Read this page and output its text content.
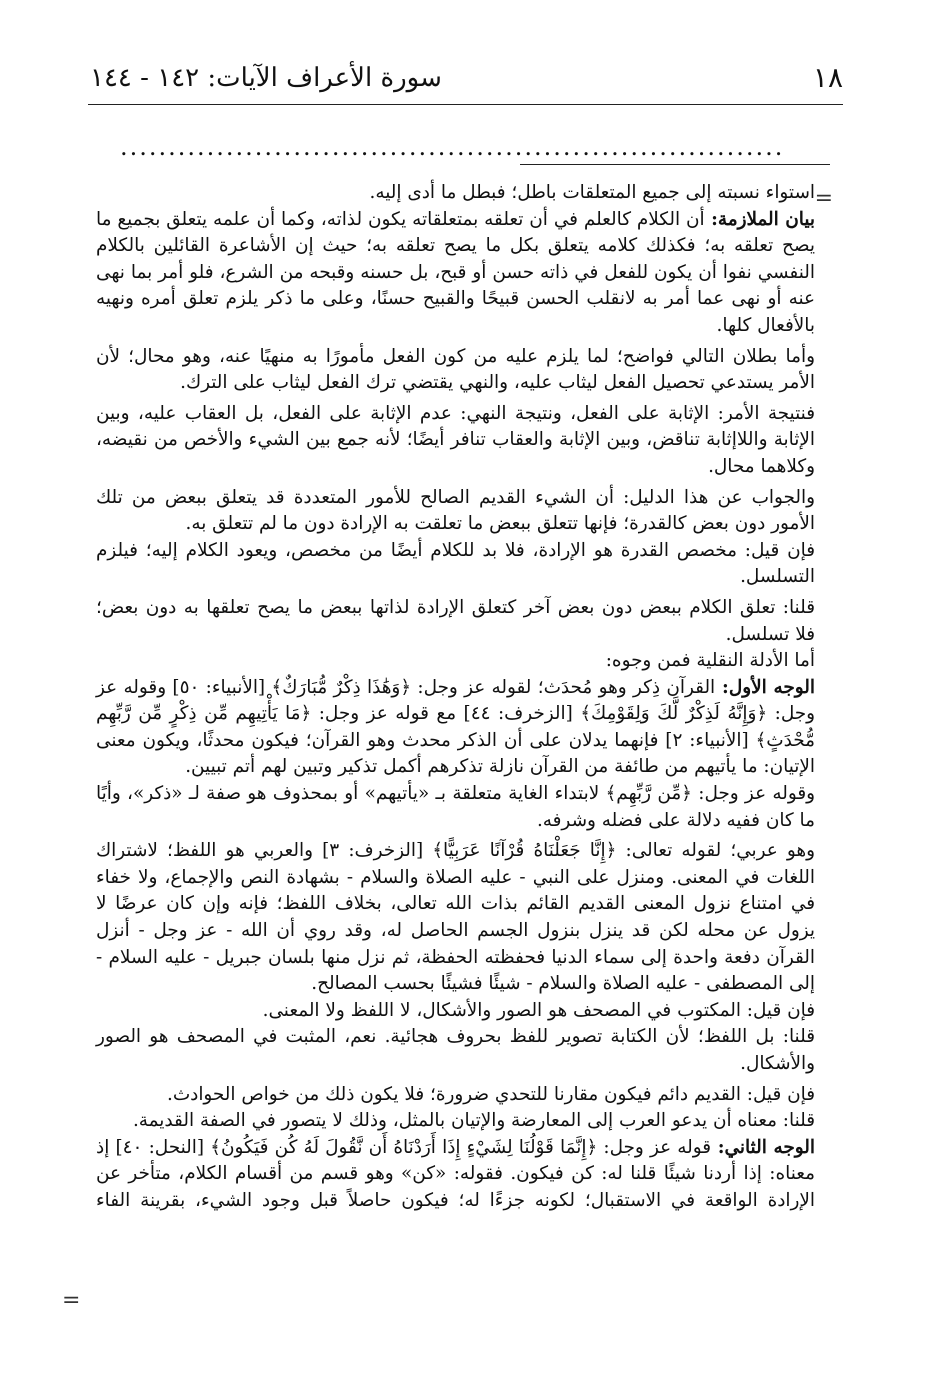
١٨
سورة الأعراف الآيات: ١٤٢ - ١٤٤
.....................................................................
=
=

استواء نسبته إلى جميع المتعلقات باطل؛ فبطل ما أدى إليه.

بيان الملازمة: أن الكلام كالعلم في أن تعلقه بمتعلقاته يكون لذاته، وكما أن علمه يتعلق بجميع ما يصح تعلقه به؛ فكذلك كلامه يتعلق بكل ما يصح تعلقه به؛ حيث إن الأشاعرة القائلين بالكلام النفسي نفوا أن يكون للفعل في ذاته حسن أو قبح، بل حسنه وقبحه من الشرع، فلو أمر بما نهى عنه أو نهى عما أمر به لانقلب الحسن قبيحًا والقبيح حسنًا، وعلى ما ذكر يلزم تعلق أمره ونهيه بالأفعال كلها.

وأما بطلان التالي فواضح؛ لما يلزم عليه من كون الفعل مأمورًا به منهيًا عنه، وهو محال؛ لأن الأمر يستدعي تحصيل الفعل ليثاب عليه، والنهي يقتضي ترك الفعل ليثاب على الترك.

فنتيجة الأمر: الإثابة على الفعل، ونتيجة النهي: عدم الإثابة على الفعل، بل العقاب عليه، وبين الإثابة واللاإثابة تناقض، وبين الإثابة والعقاب تنافر أيضًا؛ لأنه جمع بين الشيء والأخص من نقيضه، وكلاهما محال.

والجواب عن هذا الدليل: أن الشيء القديم الصالح للأمور المتعددة قد يتعلق ببعض من تلك الأمور دون بعض كالقدرة؛ فإنها تتعلق ببعض ما تعلقت به الإرادة دون ما لم تتعلق به.

فإن قيل: مخصص القدرة هو الإرادة، فلا بد للكلام أيضًا من مخصص، ويعود الكلام إليه؛ فيلزم التسلسل.

قلنا: تعلق الكلام ببعض دون بعض آخر كتعلق الإرادة لذاتها ببعض ما يصح تعلقها به دون بعض؛ فلا تسلسل.

أما الأدلة النقلية فمن وجوه:

الوجه الأول: القرآن ذِكر وهو مُحدَث؛ لقوله عز وجل: ﴿وَهَٰذَا ذِكْرٌ مُّبَارَكٌ﴾ [الأنبياء: ٥٠] وقوله عز وجل: ﴿وَإِنَّهُ لَذِكْرٌ لَّكَ وَلِقَوْمِكَ﴾ [الزخرف: ٤٤] مع قوله عز وجل: ﴿مَا يَأْتِيهِم مِّن ذِكْرٍ مِّن رَّبِّهِم مُّحْدَثٍ﴾ [الأنبياء: ٢] فإنهما يدلان على أن الذكر محدث وهو القرآن؛ فيكون محدثًا، ويكون معنى الإتيان: ما يأتيهم من طائفة من القرآن نازلة تذكرهم أكمل تذكير وتبين لهم أتم تبيين.

وقوله عز وجل: ﴿مِّن رَّبِّهِم﴾ لابتداء الغاية متعلقة بـ «يأتيهم» أو بمحذوف هو صفة لـ «ذكر»، وأيًا ما كان ففيه دلالة على فضله وشرفه.

وهو عربي؛ لقوله تعالى: ﴿إِنَّا جَعَلْنَاهُ قُرْآنًا عَرَبِيًّا﴾ [الزخرف: ٣] والعربي هو اللفظ؛ لاشتراك اللغات في المعنى. ومنزل على النبي - عليه الصلاة والسلام - بشهادة النص والإجماع، ولا خفاء في امتناع نزول المعنى القديم القائم بذات الله تعالى، بخلاف اللفظ؛ فإنه وإن كان عرضًا لا يزول عن محله لكن قد ينزل بنزول الجسم الحاصل له، وقد روي أن الله - عز وجل - أنزل القرآن دفعة واحدة إلى سماء الدنيا فحفظته الحفظة، ثم نزل منها بلسان جبريل - عليه السلام - إلى المصطفى - عليه الصلاة والسلام - شيئًا فشيئًا بحسب المصالح.

فإن قيل: المكتوب في المصحف هو الصور والأشكال، لا اللفظ ولا المعنى.

قلنا: بل اللفظ؛ لأن الكتابة تصوير للفظ بحروف هجائية. نعم، المثبت في المصحف هو الصور والأشكال.

فإن قيل: القديم دائم فيكون مقارنا للتحدي ضرورة؛ فلا يكون ذلك من خواص الحوادث.

قلنا: معناه أن يدعو العرب إلى المعارضة والإتيان بالمثل، وذلك لا يتصور في الصفة القديمة.

الوجه الثاني: قوله عز وجل: ﴿إِنَّمَا قَوْلُنَا لِشَيْءٍ إِذَا أَرَدْنَاهُ أَن نَّقُولَ لَهُ كُن فَيَكُونُ﴾ [النحل: ٤٠] إذ معناه: إذا أردنا شيئًا قلنا له: كن فيكون. فقوله: «كن» وهو قسم من أقسام الكلام، متأخر عن الإرادة الواقعة في الاستقبال؛ لكونه جزءًا له؛ فيكون حاصلاً قبل وجود الشيء، بقرينة الفاء
